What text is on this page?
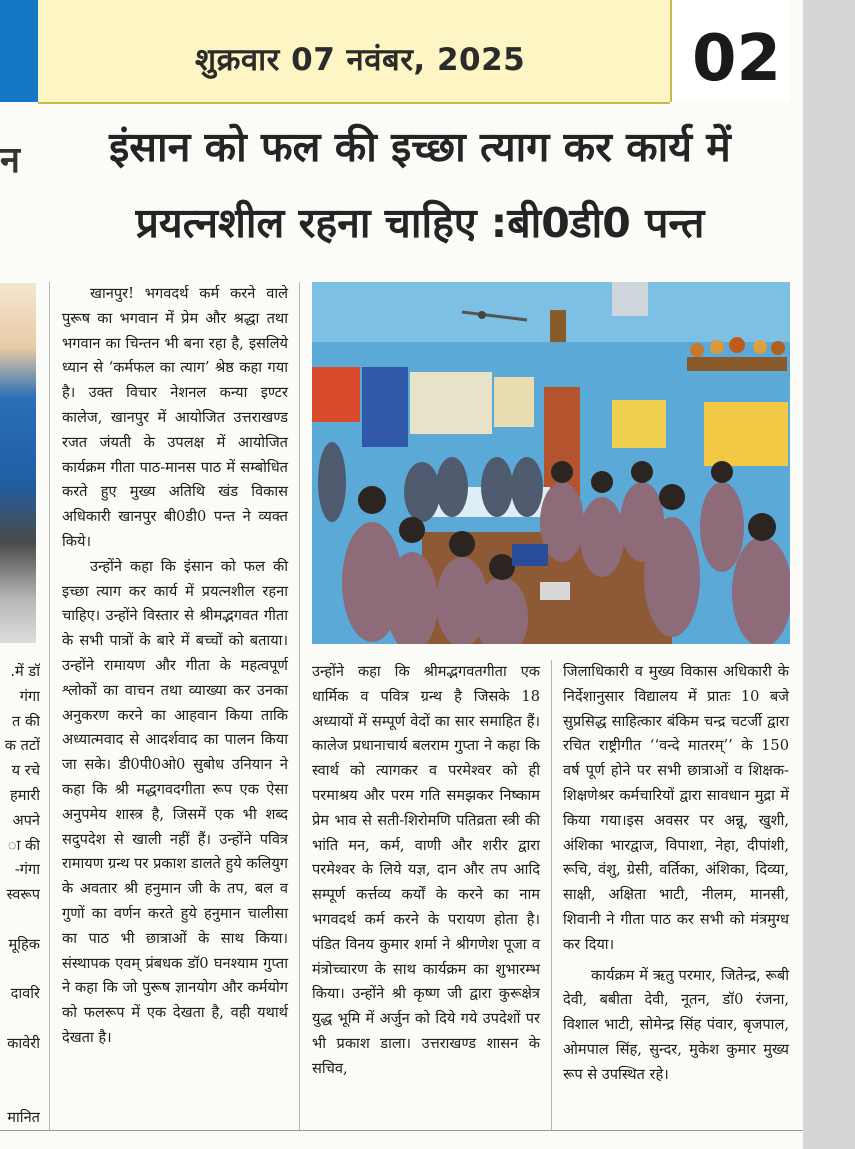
शुक्रवार 07 नवंबर, 2025	02
न	इंसान को फल की इच्छा त्याग कर कार्य में
प्रयत्नशील रहना चाहिए :बी0डी0 पन्त
में डॉ.
गंगा
त की
क तटों
य रचे
हमारी
अपने
ा की
गंगा-
स्वरूप
मूहिक
दावरि
कावेरी
मानित

खानपुर! भगवदर्थ कर्म करने वाले पुरूष का भगवान में प्रेम और श्रद्धा तथा भगवान का चिन्तन भी बना रहा है, इसलिये ध्यान से ‘कर्मफल का त्याग’ श्रेष्ठ कहा गया है। उक्त विचार नेशनल कन्या इण्टर कालेज, खानपुर में आयोजित उत्तराखण्ड रजत जंयती के उपलक्ष में आयोजित कार्यक्रम गीता पाठ-मानस पाठ में सम्बोधित करते हुए मुख्य अतिथि खंड विकास अधिकारी खानपुर बी0डी0 पन्त ने व्यक्त किये।

उन्होंने कहा कि इंसान को फल की इच्छा त्याग कर कार्य में प्रयत्नशील रहना चाहिए। उन्होंने विस्तार से श्रीमद्भगवत गीता के सभी पात्रों के बारे में बच्चों को बताया। उन्होंने रामायण और गीता के महत्वपूर्ण श्लोकों का वाचन तथा व्याख्या कर उनका अनुकरण करने का आहवान किया ताकि अध्यात्मवाद से आदर्शवाद का पालन किया जा सके। डी0पी0ओ0 सुबोध उनियान ने कहा कि श्री मद्धगवदगीता रूप एक ऐसा अनुपमेय शास्त्र है, जिसमें एक भी शब्द सदुपदेश से खाली नहीं हैं। उन्होंने पवित्र रामायण ग्रन्थ पर प्रकाश डालते हुये कलियुग के अवतार श्री हनुमान जी के तप, बल व गुणों का वर्णन करते हुये हनुमान चालीसा का पाठ भी छात्राओं के साथ किया।संस्थापक एवम् प्रंबधक डॉ0 घनश्याम गुप्ता ने कहा कि जो पुरूष ज्ञानयोग और कर्मयोग को फलरूप में एक देखता है, वही यथार्थ देखता है।

उन्होंने कहा कि श्रीमद्भगवतगीता एक धार्मिक व पवित्र ग्रन्थ है जिसके 18 अध्यायों में सम्पूर्ण वेदों का सार समाहित हैं।कालेज प्रधानाचार्य बलराम गुप्ता ने कहा कि स्वार्थ को त्यागकर व परमेश्वर को ही परमाश्रय और परम गति समझकर निष्काम प्रेम भाव से सती-शिरोमणि पतिव्रता स्त्री की भांति मन, कर्म, वाणी और शरीर द्वारा परमेश्वर के लिये यज्ञ, दान और तप आदि सम्पूर्ण कर्त्तव्य कर्यों के करने का नाम भगवदर्थ कर्म करने के परायण होता है। पंडित विनय कुमार शर्मा ने श्रीगणेश पूजा व मंत्रोच्चारण के साथ कार्यक्रम का शुभारम्भ किया। उन्होंने श्री कृष्ण जी द्वारा कुरूक्षेत्र युद्ध भूमि में अर्जुन को दिये गये उपदेशों पर भी प्रकाश डाला। उत्तराखण्ड शासन के सचिव,

जिलाधिकारी व मुख्य विकास अधिकारी के निर्देशानुसार विद्यालय में प्रातः 10 बजे सुप्रसिद्ध साहित्कार बंकिम चन्द्र चटर्जी द्वारा रचित राष्ट्रीगीत ‘‘वन्दे मातरम्’’ के 150 वर्ष पूर्ण होने पर सभी छात्राओं व शिक्षक-शिक्षणेश्रर कर्मचारियों द्वारा सावधान मुद्रा में किया गया।इस अवसर पर अन्नू, खुशी, अंशिका भारद्वाज, विपाशा, नेहा, दीपांशी, रूचि, वंशु, ग्रेसी, वर्तिका, अंशिका, दिव्या, साक्षी, अक्षिता भाटी, नीलम, मानसी, शिवानी ने गीता पाठ कर सभी को मंत्रमुग्ध कर दिया।

कार्यक्रम में ऋतु परमार, जितेन्द्र, रूबी देवी, बबीता देवी, नूतन, डॉ0 रंजना, विशाल भाटी, सोमेन्द्र सिंह पंवार, बृजपाल, ओमपाल सिंह, सुन्दर, मुकेश कुमार मुख्य रूप से उपस्थित रहे।
